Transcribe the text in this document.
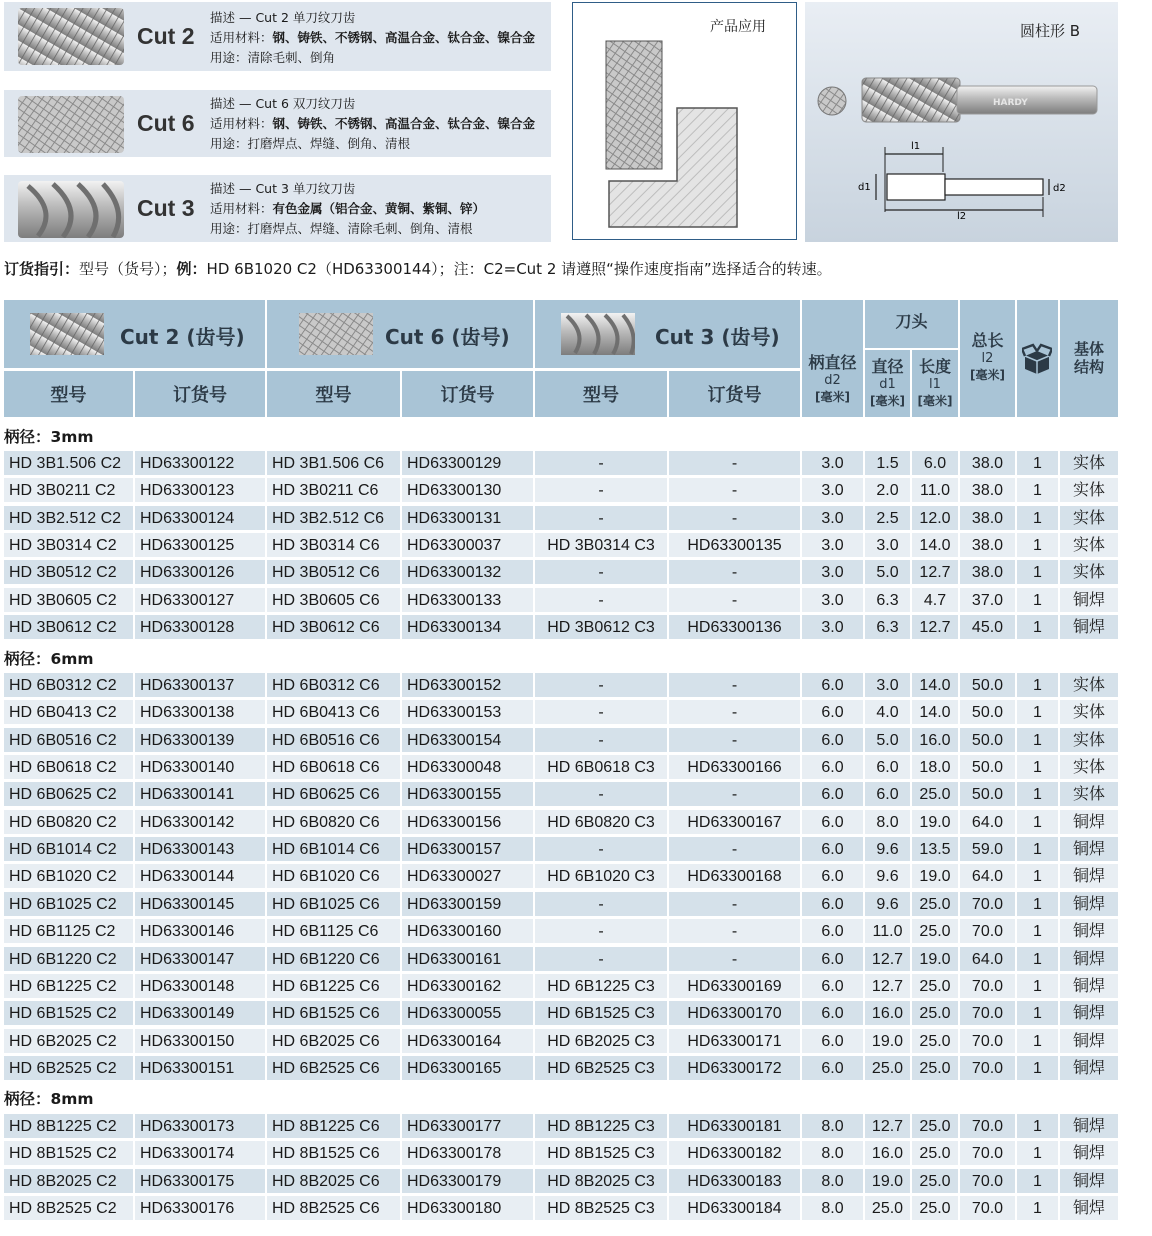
Cut 2
描述 — Cut 2 单刀纹刀齿
适用材料：钢、铸铁、不锈钢、高温合金、钛合金、镍合金
用途：清除毛刺、倒角
Cut 6
描述 — Cut 6 双刀纹刀齿
适用材料：钢、铸铁、不锈钢、高温合金、钛合金、镍合金
用途：打磨焊点、焊缝、倒角、清根
Cut 3
描述 — Cut 3 单刀纹刀齿
适用材料：有色金属（铝合金、黄铜、紫铜、锌）
用途：打磨焊点、焊缝、清除毛刺、倒角、清根
产品应用	圆柱形 B
l1
l2
d1	d2
HARDY
订货指引：型号（货号）；例：HD 6B1020 C2（HD63300144）；注：C2=Cut 2 请遵照“操作速度指南”选择适合的转速。
Cut 2 (齿号)	Cut 6 (齿号)	Cut 3 (齿号)
型号	订货号	型号	订货号	型号	订货号
柄直径
d2
[毫米]
刀头
直径
d1
[毫米]
长度
l1
[毫米]
总长
l2
[毫米]
基体
结构
柄径：3mm
HD 3B1.506 C2	HD63300122	HD 3B1.506 C6	HD63300129	-	-	3.0	1.5	6.0	38.0	1	实体
HD 3B0211 C2	HD63300123	HD 3B0211 C6	HD63300130	-	-	3.0	2.0	11.0	38.0	1	实体
HD 3B2.512 C2	HD63300124	HD 3B2.512 C6	HD63300131	-	-	3.0	2.5	12.0	38.0	1	实体
HD 3B0314 C2	HD63300125	HD 3B0314 C6	HD63300037	HD 3B0314 C3	HD63300135	3.0	3.0	14.0	38.0	1	实体
HD 3B0512 C2	HD63300126	HD 3B0512 C6	HD63300132	-	-	3.0	5.0	12.7	38.0	1	实体
HD 3B0605 C2	HD63300127	HD 3B0605 C6	HD63300133	-	-	3.0	6.3	4.7	37.0	1	铜焊
HD 3B0612 C2	HD63300128	HD 3B0612 C6	HD63300134	HD 3B0612 C3	HD63300136	3.0	6.3	12.7	45.0	1	铜焊
柄径：6mm
HD 6B0312 C2	HD63300137	HD 6B0312 C6	HD63300152	-	-	6.0	3.0	14.0	50.0	1	实体
HD 6B0413 C2	HD63300138	HD 6B0413 C6	HD63300153	-	-	6.0	4.0	14.0	50.0	1	实体
HD 6B0516 C2	HD63300139	HD 6B0516 C6	HD63300154	-	-	6.0	5.0	16.0	50.0	1	实体
HD 6B0618 C2	HD63300140	HD 6B0618 C6	HD63300048	HD 6B0618 C3	HD63300166	6.0	6.0	18.0	50.0	1	实体
HD 6B0625 C2	HD63300141	HD 6B0625 C6	HD63300155	-	-	6.0	6.0	25.0	50.0	1	实体
HD 6B0820 C2	HD63300142	HD 6B0820 C6	HD63300156	HD 6B0820 C3	HD63300167	6.0	8.0	19.0	64.0	1	铜焊
HD 6B1014 C2	HD63300143	HD 6B1014 C6	HD63300157	-	-	6.0	9.6	13.5	59.0	1	铜焊
HD 6B1020 C2	HD63300144	HD 6B1020 C6	HD63300027	HD 6B1020 C3	HD63300168	6.0	9.6	19.0	64.0	1	铜焊
HD 6B1025 C2	HD63300145	HD 6B1025 C6	HD63300159	-	-	6.0	9.6	25.0	70.0	1	铜焊
HD 6B1125 C2	HD63300146	HD 6B1125 C6	HD63300160	-	-	6.0	11.0	25.0	70.0	1	铜焊
HD 6B1220 C2	HD63300147	HD 6B1220 C6	HD63300161	-	-	6.0	12.7	19.0	64.0	1	铜焊
HD 6B1225 C2	HD63300148	HD 6B1225 C6	HD63300162	HD 6B1225 C3	HD63300169	6.0	12.7	25.0	70.0	1	铜焊
HD 6B1525 C2	HD63300149	HD 6B1525 C6	HD63300055	HD 6B1525 C3	HD63300170	6.0	16.0	25.0	70.0	1	铜焊
HD 6B2025 C2	HD63300150	HD 6B2025 C6	HD63300164	HD 6B2025 C3	HD63300171	6.0	19.0	25.0	70.0	1	铜焊
HD 6B2525 C2	HD63300151	HD 6B2525 C6	HD63300165	HD 6B2525 C3	HD63300172	6.0	25.0	25.0	70.0	1	铜焊
柄径：8mm
HD 8B1225 C2	HD63300173	HD 8B1225 C6	HD63300177	HD 8B1225 C3	HD63300181	8.0	12.7	25.0	70.0	1	铜焊
HD 8B1525 C2	HD63300174	HD 8B1525 C6	HD63300178	HD 8B1525 C3	HD63300182	8.0	16.0	25.0	70.0	1	铜焊
HD 8B2025 C2	HD63300175	HD 8B2025 C6	HD63300179	HD 8B2025 C3	HD63300183	8.0	19.0	25.0	70.0	1	铜焊
HD 8B2525 C2	HD63300176	HD 8B2525 C6	HD63300180	HD 8B2525 C3	HD63300184	8.0	25.0	25.0	70.0	1	铜焊
